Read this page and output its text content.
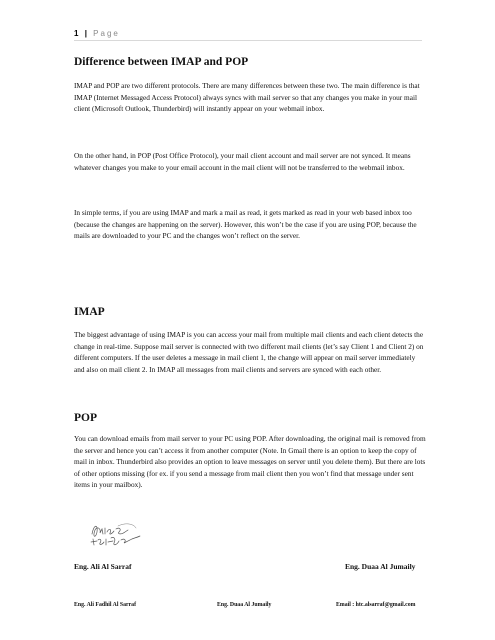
1 | Page
Difference between IMAP and POP

IMAP and POP are two different protocols. There are many differences between these two. The main difference is that IMAP (Internet Messaged Access Protocol) always syncs with mail server so that any changes you make in your mail client (Microsoft Outlook, Thunderbird) will instantly appear on your webmail inbox.

On the other hand, in POP (Post Office Protocol), your mail client account and mail server are not synced. It means whatever changes you make to your email account in the mail client will not be transferred to the webmail inbox.

In simple terms, if you are using IMAP and mark a mail as read, it gets marked as read in your web based inbox too (because the changes are happening on the server). However, this won’t be the case if you are using POP, because the mails are downloaded to your PC and the changes won’t reflect on the server.

IMAP

The biggest advantage of using IMAP is you can access your mail from multiple mail clients and each client detects the change in real-time. Suppose mail server is connected with two different mail clients (let’s say Client 1 and Client 2) on different computers. If the user deletes a message in mail client 1, the change will appear on mail server immediately and also on mail client 2. In IMAP all messages from mail clients and servers are synced with each other.

POP

You can download emails from mail server to your PC using POP. After downloading, the original mail is removed from the server and hence you can’t access it from another computer (Note. In Gmail there is an option to keep the copy of mail in inbox. Thunderbird also provides an option to leave messages on server until you delete them). But there are lots of other options missing (for ex. if you send a message from mail client then you won’t find that message under sent items in your mailbox).

Eng. Ali Al Sarraf	Eng. Duaa Al Jumaily
Eng. Ali Fadhil Al Sarraf	Eng. Duaa Al Jumaily	Email : htc.alsarraf@gmail.com
